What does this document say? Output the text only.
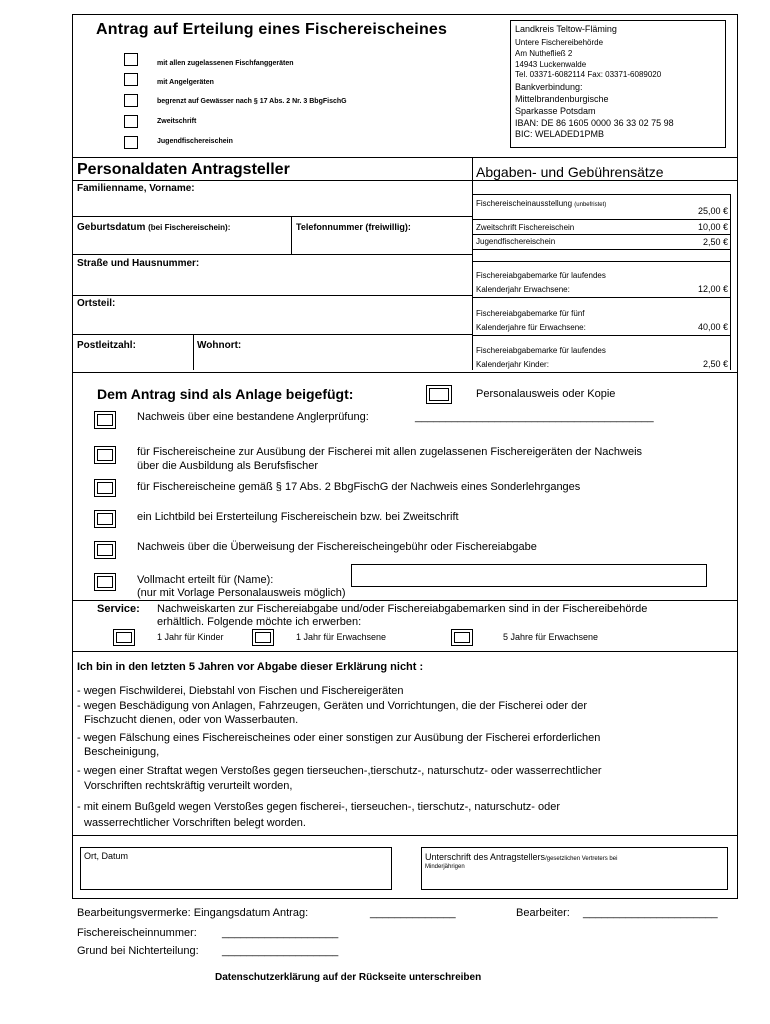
Antrag auf Erteilung eines Fischereischeines
mit allen zugelassenen Fischfanggeräten
mit Angelgeräten
begrenzt auf Gewässer nach § 17 Abs. 2 Nr. 3 BbgFischG
Zweitschrift
Jugendfischereischein
Landkreis Teltow-Fläming
Untere Fischereibehörde
Am Nuthefließ 2
14943 Luckenwalde
Tel. 03371-6082114 Fax: 03371-6089020
Bankverbindung:
Mittelbrandenburgische
Sparkasse Potsdam
IBAN: DE 86 1605 0000 36 33 02 75 98
BIC: WELADED1PMB
Personaldaten Antragsteller	Abgaben- und Gebührensätze
Familienname, Vorname:
Geburtsdatum (bei Fischereischein):	Telefonnummer (freiwillig):
Straße und Hausnummer:
Ortsteil:
Postleitzahl:	Wohnort:
Fischereischeinausstellung (unbefristet)
25,00 €
Zweitschrift Fischereischein	10,00 €
Jugendfischereischein	2,50 €
Fischereiabgabemarke für laufendes
Kalenderjahr Erwachsene:	12,00 €
Fischereiabgabemarke für fünf
Kalenderjahre für Erwachsene:	40,00 €
Fischereiabgabemarke für laufendes
Kalenderjahr Kinder:	2,50 €
Dem Antrag sind als Anlage beigefügt:	Personalausweis oder Kopie
Nachweis über eine bestandene Anglerprüfung:	_______________________________________
für Fischereischeine zur Ausübung der Fischerei mit allen zugelassenen Fischereigeräten der Nachweis
über die Ausbildung als Berufsfischer
für Fischereischeine gemäß § 17 Abs. 2 BbgFischG der Nachweis eines Sonderlehrganges
ein Lichtbild bei Ersterteilung Fischereischein bzw. bei Zweitschrift
Nachweis über die Überweisung der Fischereischeingebühr oder Fischereiabgabe
Vollmacht erteilt für (Name):
(nur mit Vorlage Personalausweis möglich)
Service: Nachweiskarten zur Fischereiabgabe und/oder Fischereiabgabemarken sind in der Fischereibehörde
erhältlich. Folgende möchte ich erwerben:
1 Jahr für Kinder	1 Jahr für Erwachsene	5 Jahre für Erwachsene
Ich bin in den letzten 5 Jahren vor Abgabe dieser Erklärung nicht :
- wegen Fischwilderei, Diebstahl von Fischen und Fischereigeräten
- wegen Beschädigung von Anlagen, Fahrzeugen, Geräten und Vorrichtungen, die der Fischerei oder der
Fischzucht dienen, oder von Wasserbauten.
- wegen Fälschung eines Fischereischeines oder einer sonstigen zur Ausübung der Fischerei erforderlichen
Bescheinigung,
- wegen einer Straftat wegen Verstoßes gegen tierseuchen-,tierschutz-, naturschutz- oder wasserrechtlicher
Vorschriften rechtskräftig verurteilt worden,
- mit einem Bußgeld wegen Verstoßes gegen fischerei-, tierseuchen-, tierschutz-, naturschutz- oder
wasserrechtlicher Vorschriften belegt worden.
Ort, Datum	Unterschrift des Antragstellers/gesetzlichen Vertreters bei
Minderjährigen
Bearbeitungsvermerke: Eingangsdatum Antrag:	______________	Bearbeiter: ______________________
Fischereischeinnummer: ___________________
Grund bei Nichterteilung: ___________________
Datenschutzerklärung auf der Rückseite unterschreiben
